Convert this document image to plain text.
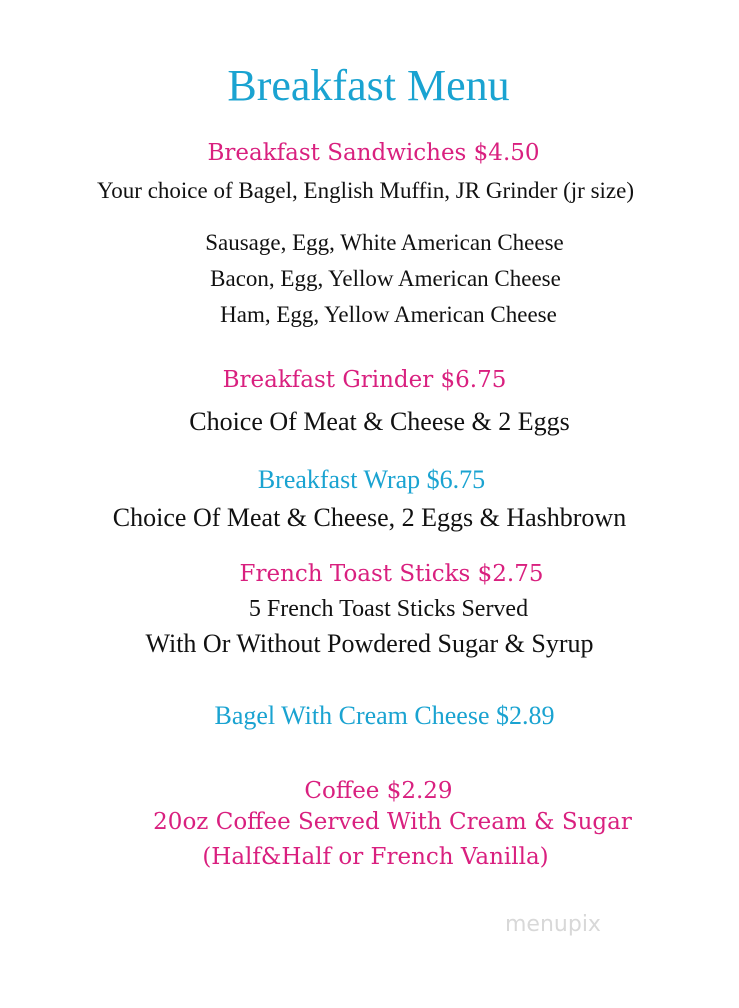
Breakfast Menu
Breakfast Sandwiches $4.50
Your choice of Bagel, English Muffin, JR Grinder (jr size)
Sausage, Egg, White American Cheese
Bacon, Egg, Yellow American Cheese
Ham, Egg, Yellow American Cheese
Breakfast Grinder $6.75
Choice Of Meat & Cheese & 2 Eggs
Breakfast Wrap $6.75
Choice Of Meat & Cheese, 2 Eggs & Hashbrown
French Toast Sticks $2.75
5 French Toast Sticks Served
With Or Without Powdered Sugar & Syrup
Bagel With Cream Cheese $2.89
Coffee $2.29
20oz Coffee Served With Cream & Sugar
(Half&Half or French Vanilla)
menupix
